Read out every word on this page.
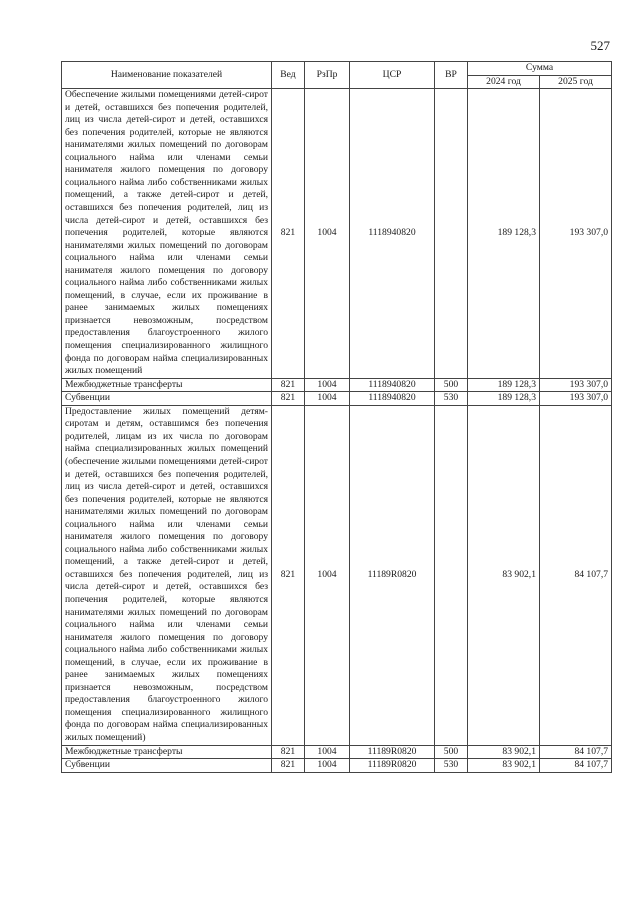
527
Наименование показателей	Вед	РзПр	ЦСР	ВР	Сумма	
					2024 год	2025 год
Обеспечение жилыми помещениями детей-сирот и детей, оставшихся без попечения родителей, лиц из числа детей-сирот и детей, оставшихся без попечения родителей, которые не являются нанимателями жилых помещений по договорам социального найма или членами семьи нанимателя жилого помещения по договору социального найма либо собственниками жилых помещений, а также детей-сирот и детей, оставшихся без попечения родителей, лиц из числа детей-сирот и детей, оставшихся без попечения родителей, которые являются нанимателями жилых помещений по договорам социального найма или членами семьи нанимателя жилого помещения по договору социального найма либо собственниками жилых помещений, в случае, если их проживание в ранее занимаемых жилых помещениях признается невозможным, посредством предоставления благоустроенного жилого помещения специализированного жилищного фонда по договорам найма специализированных жилых помещений	821	1004	1118940820		189 128,3	193 307,0
Межбюджетные трансферты	821	1004	1118940820	500	189 128,3	193 307,0
Субвенции	821	1004	1118940820	530	189 128,3	193 307,0
Предоставление жилых помещений детям-сиротам и детям, оставшимся без попечения родителей, лицам из их числа по договорам найма специализированных жилых помещений (обеспечение жилыми помещениями детей-сирот и детей, оставшихся без попечения родителей, лиц из числа детей-сирот и детей, оставшихся без попечения родителей, которые не являются нанимателями жилых помещений по договорам социального найма или членами семьи нанимателя жилого помещения по договору социального найма либо собственниками жилых помещений, а также детей-сирот и детей, оставшихся без попечения родителей, лиц из числа детей-сирот и детей, оставшихся без попечения родителей, которые являются нанимателями жилых помещений по договорам социального найма или членами семьи нанимателя жилого помещения по договору социального найма либо собственниками жилых помещений, в случае, если их проживание в ранее занимаемых жилых помещениях признается невозможным, посредством предоставления благоустроенного жилого помещения специализированного жилищного фонда по договорам найма специализированных жилых помещений)	821	1004	11189R0820		83 902,1	84 107,7
Межбюджетные трансферты	821	1004	11189R0820	500	83 902,1	84 107,7
Субвенции	821	1004	11189R0820	530	83 902,1	84 107,7
